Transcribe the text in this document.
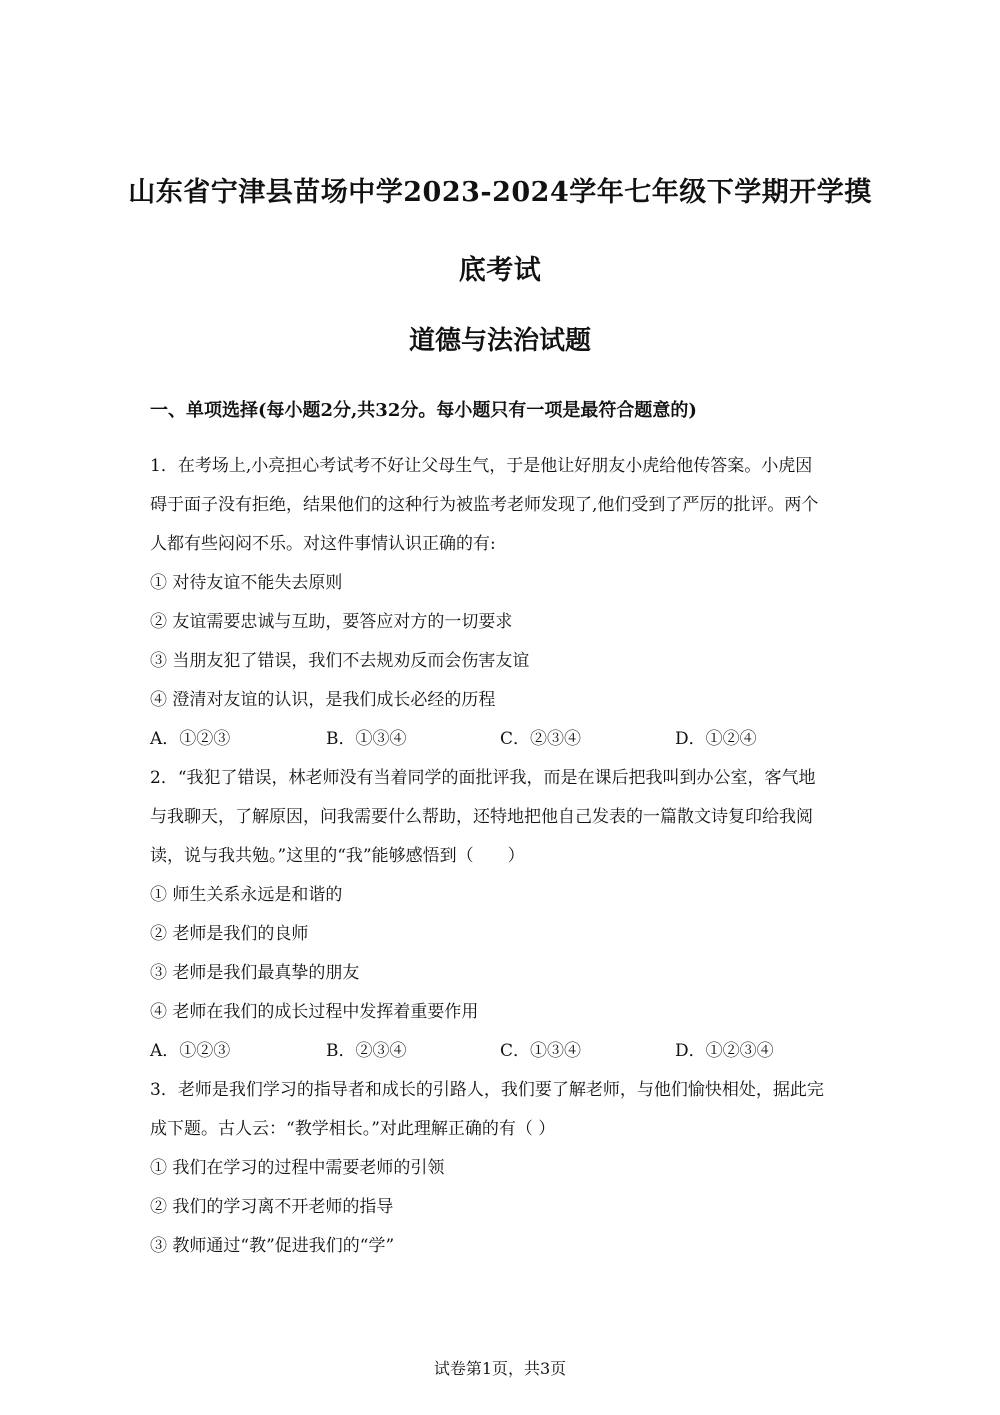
山东省宁津县苗场中学2023-2024学年七年级下学期开学摸
底考试
道德与法治试题
一、单项选择(每小题2分,共32分。每小题只有一项是最符合题意的)
1．在考场上,小亮担心考试考不好让父母生气，于是他让好朋友小虎给他传答案。小虎因
碍于面子没有拒绝，结果他们的这种行为被监考老师发现了,他们受到了严厉的批评。两个
人都有些闷闷不乐。对这件事情认识正确的有:
① 对待友谊不能失去原则
② 友谊需要忠诚与互助，要答应对方的一切要求
③ 当朋友犯了错误，我们不去规劝反而会伤害友谊
④ 澄清对友谊的认识，是我们成长必经的历程
A．①②③	B．①③④	C．②③④	D．①②④
2．“我犯了错误，林老师没有当着同学的面批评我，而是在课后把我叫到办公室，客气地
与我聊天，了解原因，问我需要什么帮助，还特地把他自己发表的一篇散文诗复印给我阅
读，说与我共勉。”这里的“我”能够感悟到（　　）
① 师生关系永远是和谐的
② 老师是我们的良师
③ 老师是我们最真挚的朋友
④ 老师在我们的成长过程中发挥着重要作用
A．①②③	B．②③④	C．①③④	D．①②③④
3．老师是我们学习的指导者和成长的引路人，我们要了解老师，与他们愉快相处，据此完
成下题。古人云：“教学相长。”对此理解正确的有（ ）
① 我们在学习的过程中需要老师的引领
② 我们的学习离不开老师的指导
③ 教师通过“教”促进我们的“学”
试卷第1页，共3页
